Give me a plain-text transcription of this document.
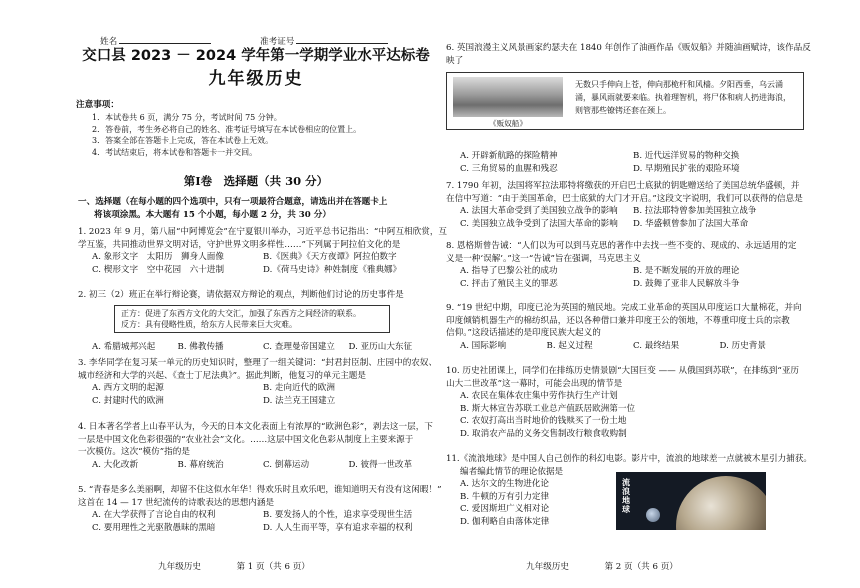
姓名	准考证号
交口县 2023 － 2024 学年第一学期学业水平达标卷
九年级历史
注意事项：
1．本试卷共 6 页，满分 75 分，考试时间 75 分钟。
2．答卷前，考生务必将自己的姓名、准考证号填写在本试卷相应的位置上。
3．答案全部在答题卡上完成，答在本试卷上无效。
4．考试结束后，将本试卷和答题卡一并交回。
第Ⅰ卷　选择题（共 30 分）
一、选择题（在每小题的四个选项中，只有一项最符合题意，请选出并在答题卡上
将该项涂黑。本大题有 15 个小题，每小题 2 分，共 30 分）
1. 2023 年 9 月，第八届“中阿博览会”在宁夏银川举办，习近平总书记指出：“中阿互相欣赏，互
学互鉴，共同推动世界文明对话，守护世界文明多样性……”下列属于阿拉伯文化的是
A. 象形文字　太阳历　狮身人面像	B.《医典》《天方夜谭》阿拉伯数字
C. 楔形文字　空中花园　六十进制	D.《荷马史诗》种姓制度《雅典娜》
2. 初三（2）班正在举行辩论赛，请依据双方辩论的观点，判断他们讨论的历史事件是
正方：促进了东西方文化的大交汇，加强了东西方之间经济的联系。
反方：具有侵略性质，给东方人民带来巨大灾难。
A. 希腊城邦兴起	B. 佛教传播	C. 查理曼帝国建立	D. 亚历山大东征
3. 李华同学在复习某一单元的历史知识时，整理了一组关键词：“封君封臣制、庄园中的农奴、
城市经济和大学的兴起、《查士丁尼法典》”。据此判断，他复习的单元主题是
A. 西方文明的起源	B. 走向近代的欧洲
C. 封建时代的欧洲	D. 法兰克王国建立
4. 日本著名学者上山春平认为，今天的日本文化表面上有浓厚的“欧洲色彩”，剥去这一层，下
一层是中国文化色彩很强的“农业社会”文化。……这层中国文化色彩从制度上主要来源于
一次模仿。这次“模仿”指的是
A. 大化改新	B. 幕府统治	C. 倒幕运动	D. 彼得一世改革
5. “青春是多么美丽啊，却留不住这似水年华！得欢乐时且欢乐吧，谁知道明天有没有这闲暇！”
这首在 14 — 17 世纪流传的诗歌表达的思想内涵是
A. 在大学获得了言论自由的权利	B. 要发扬人的个性，追求享受现世生活
C. 要用理性之光驱散愚昧的黑暗	D. 人人生而平等，享有追求幸福的权利
九年级历史	第 1 页（共 6 页）
6. 英国浪漫主义风景画家约瑟夫在 1840 年创作了油画作品《贩奴船》并随油画赋诗，该作品反
映了
《贩奴船》
无数只手伸向上苍，伸向那桅杆和风樯。夕阳西垂，乌云涌涌，暴风雨就要来临。执着理智机，将尸体和病人扔进海浪，则管那些镣铐还套在颈上。
A. 开辟新航路的探险精神	B. 近代远洋贸易的物种交换
C. 三角贸易的血腥和残忍	D. 早期殖民扩张的艰险环境
7. 1790 年初，法国将军拉法耶特将缴获的开启巴士底狱的钥匙赠送给了美国总统华盛顿，并
在信中写道：“由于美国革命，巴士底狱的大门才开启。”这段文字说明，我们可以获得的信息是
A. 法国大革命受到了美国独立战争的影响	B. 拉法耶特曾参加美国独立战争
C. 美国独立战争受到了法国大革命的影响	D. 华盛顿曾参加了法国大革命
8. 恩格斯曾告诫：“人们以为可以到马克思的著作中去找一些不变的、现成的、永远适用的定
义是一种‘误解’。”这一“告诫”旨在强调，马克思主义
A. 指导了巴黎公社的成功	B. 是不断发展的开放的理论
C. 抨击了殖民主义的罪恶	D. 鼓舞了亚非人民解放斗争
9. “19 世纪中期，印度已沦为英国的殖民地。完成工业革命的英国从印度运口大量棉花，并向
印度倾销机器生产的棉纺织品，还以各种借口兼并印度王公的领地，不尊重印度士兵的宗教
信仰。”这段话描述的是印度民族大起义的
A. 国际影响	B. 起义过程	C. 最终结果	D. 历史背景
10. 历史社团课上，同学们在排练历史情景剧“大国巨变 —— 从俄国到苏联”，在排练到“亚历
山大二世改革”这一幕时，可能会出现的情节是
A. 农民在集体农庄集中劳作执行生产计划
B. 斯大林宣告苏联工业总产值跃居欧洲第一位
C. 农奴打高出当时地价的钱赎买了一份土地
D. 取消农产品的义务交售制改行粮食收购制
11.《流浪地球》是中国人自己创作的科幻电影。影片中，流浪的地球差一点就被木星引力捕获。
编者编此情节的理论依据是
A. 达尔文的生物进化论
B. 牛顿的万有引力定律
C. 爱因斯坦广义相对论
D. 伽利略自由落体定律
流浪地球
九年级历史	第 2 页（共 6 页）
